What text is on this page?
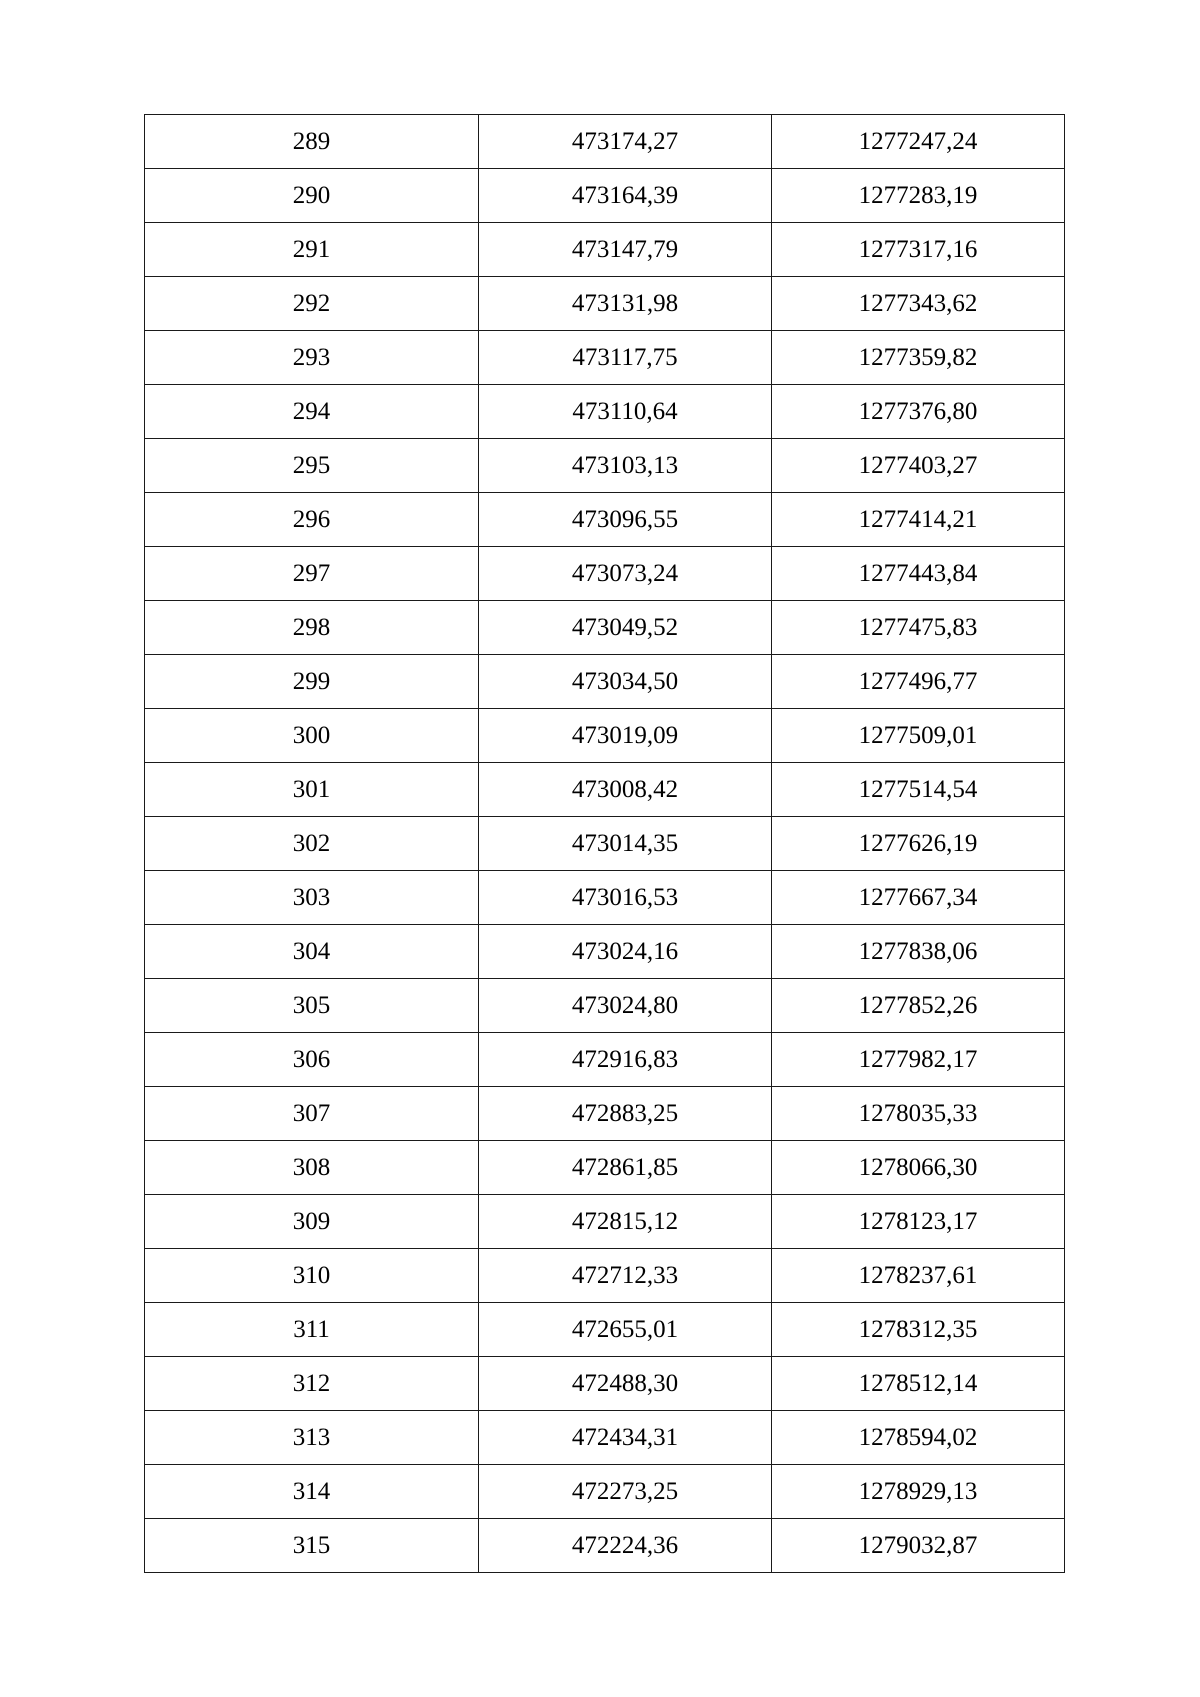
289	473174,27	1277247,24
290	473164,39	1277283,19
291	473147,79	1277317,16
292	473131,98	1277343,62
293	473117,75	1277359,82
294	473110,64	1277376,80
295	473103,13	1277403,27
296	473096,55	1277414,21
297	473073,24	1277443,84
298	473049,52	1277475,83
299	473034,50	1277496,77
300	473019,09	1277509,01
301	473008,42	1277514,54
302	473014,35	1277626,19
303	473016,53	1277667,34
304	473024,16	1277838,06
305	473024,80	1277852,26
306	472916,83	1277982,17
307	472883,25	1278035,33
308	472861,85	1278066,30
309	472815,12	1278123,17
310	472712,33	1278237,61
311	472655,01	1278312,35
312	472488,30	1278512,14
313	472434,31	1278594,02
314	472273,25	1278929,13
315	472224,36	1279032,87
